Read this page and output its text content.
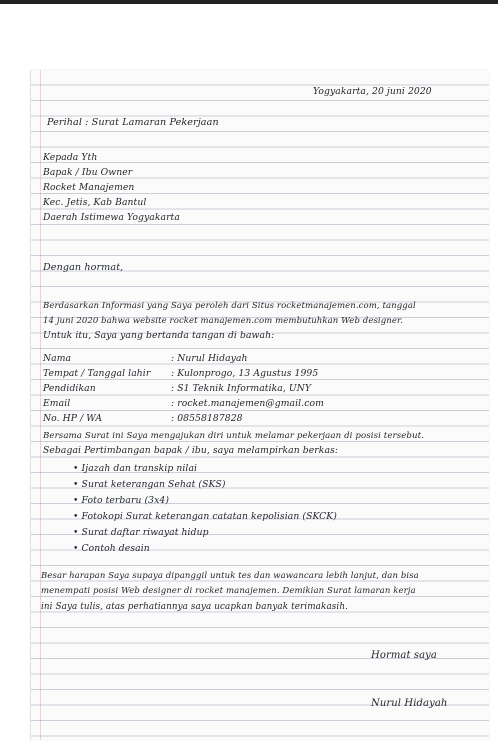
Yogyakarta, 20 juni 2020
Perihal : Surat Lamaran Pekerjaan
Kepada Yth
Bapak / Ibu Owner
Rocket Manajemen
Kec. Jetis, Kab Bantul
Daerah Istimewa Yogyakarta
Dengan hormat,
Berdasarkan Informasi yang Saya peroleh dari Situs rocketmanajemen.com, tanggal
14 juni 2020 bahwa website rocket manajemen.com membutuhkan Web designer.
Untuk itu, Saya yang bertanda tangan di bawah:
Nama	: Nurul Hidayah
Tempat / Tanggal lahir : Kulonprogo, 13 Agustus 1995
Pendidikan	: S1 Teknik Informatika, UNY
Email	: rocket.manajemen@gmail.com
No. HP / WA	: 08558187828
Bersama Surat ini Saya mengajukan diri untuk melamar pekerjaan di posisi tersebut.
Sebagai Pertimbangan bapak / ibu, saya melampirkan berkas:
• Ijazah dan transkip nilai
• Surat keterangan Sehat (SKS)
• Foto terbaru (3x4)
• Fotokopi Surat keterangan catatan kepolisian (SKCK)
• Surat daftar riwayat hidup
• Contoh desain
Besar harapan Saya supaya dipanggil untuk tes dan wawancara lebih lanjut, dan bisa
menempati posisi Web designer di rocket manajemen. Demikian Surat lamaran kerja
ini Saya tulis, atas perhatiannya saya ucapkan banyak terimakasih.
Hormat saya
Nurul Hidayah
